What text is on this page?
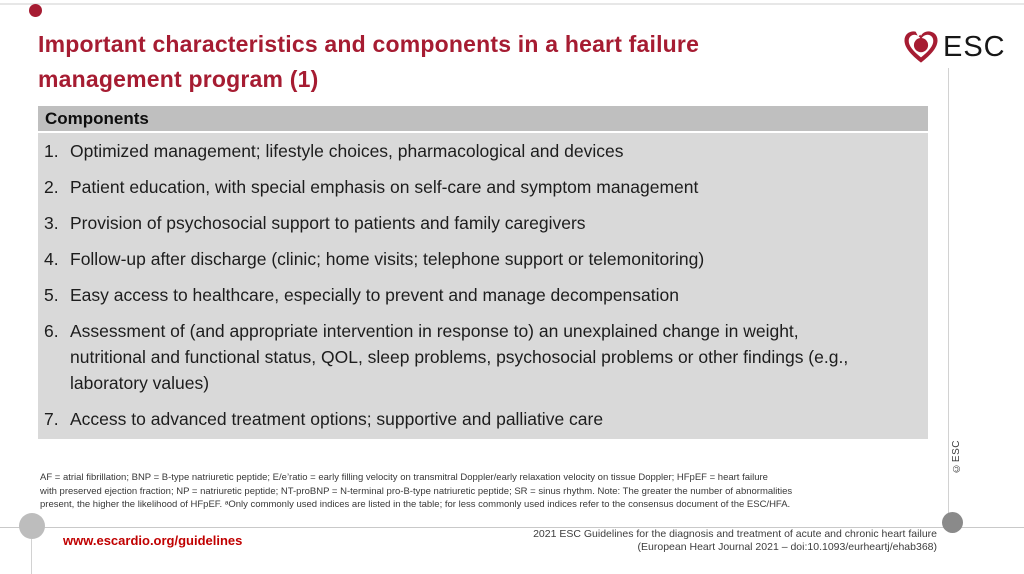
Important characteristics and components in a heart failure
management program (1)
ESC
Components
1. Optimized management; lifestyle choices, pharmacological and devices
2. Patient education, with special emphasis on self-care and symptom management
3. Provision of psychosocial support to patients and family caregivers
4. Follow-up after discharge (clinic; home visits; telephone support or telemonitoring)
5. Easy access to healthcare, especially to prevent and manage decompensation
6. Assessment of (and appropriate intervention in response to) an unexplained change in weight, nutritional and functional status, QOL, sleep problems, psychosocial problems or other findings (e.g., laboratory values)
7. Access to advanced treatment options; supportive and palliative care
AF = atrial fibrillation; BNP = B-type natriuretic peptide; E/e’ratio = early filling velocity on transmitral Doppler/early relaxation velocity on tissue Doppler; HFpEF = heart failure
with preserved ejection fraction; NP = natriuretic peptide; NT-proBNP = N-terminal pro-B-type natriuretic peptide; SR = sinus rhythm. Note: The greater the number of abnormalities
present, the higher the likelihood of HFpEF. ᵃOnly commonly used indices are listed in the table; for less commonly used indices refer to the consensus document of the ESC/HFA.
©ESC
www.escardio.org/guidelines	2021 ESC Guidelines for the diagnosis and treatment of acute and chronic heart failure
(European Heart Journal 2021 – doi:10.1093/eurheartj/ehab368)
